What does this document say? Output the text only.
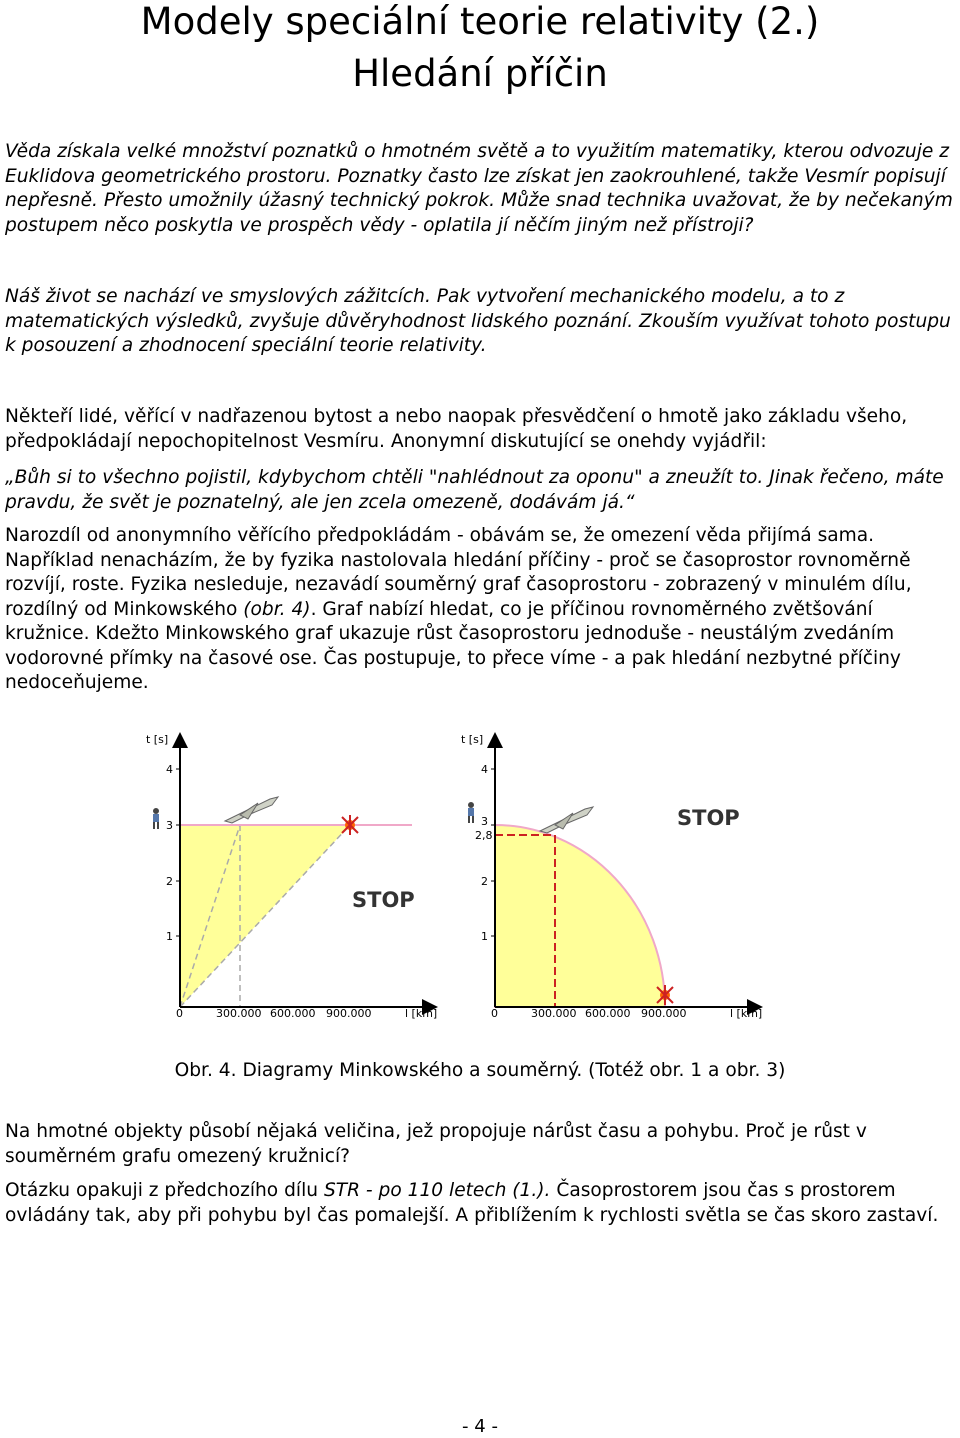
Modely speciální teorie relativity (2.)
Hledání příčin

Věda získala velké množství poznatků o hmotném světě a to využitím matematiky, kterou odvozuje z Euklidova geometrického prostoru. Poznatky často lze získat jen zaokrouhlené, takže Vesmír popisují nepřesně. Přesto umožnily úžasný technický pokrok. Může snad technika uvažovat, že by nečekaným postupem něco poskytla ve prospěch vědy - oplatila jí něčím jiným než přístroji?

Náš život se nachází ve smyslových zážitcích. Pak vytvoření mechanického modelu, a to z matematických výsledků, zvyšuje důvěryhodnost lidského poznání. Zkouším využívat tohoto postupu k posouzení a zhodnocení speciální teorie relativity.

Někteří lidé, věřící v nadřazenou bytost a nebo naopak přesvědčení o hmotě jako základu všeho, předpokládají nepochopitelnost Vesmíru. Anonymní diskutující se onehdy vyjádřil:

„Bůh si to všechno pojistil, kdybychom chtěli "nahlédnout za oponu" a zneužít to. Jinak řečeno, máte pravdu, že svět je poznatelný, ale jen zcela omezeně, dodávám já.“

Narozdíl od anonymního věřícího předpokládám - obávám se, že omezení věda přijímá sama. Například nenacházím, že by fyzika nastolovala hledání příčiny - proč se časoprostor rovnoměrně rozvíjí, roste. Fyzika nesleduje, nezavádí souměrný graf časoprostoru - zobrazený v minulém dílu, rozdílný od Minkowského (obr. 4). Graf nabízí hledat, co je příčinou rovnoměrného zvětšování kružnice. Kdežto Minkowského graf ukazuje růst časoprostoru jednoduše - neustálým zvedáním vodorovné přímky na časové ose. Čas postupuje, to přece víme - a pak hledání nezbytné příčiny nedoceňujeme.

t [s]
l [km]
1
2
3
4
0	300.000 600.000 900.000
STOP
t [s]
l [km]
1
2
2,8
3
4
0	300.000 600.000 900.000
STOP
Obr. 4. Diagramy Minkowského a souměrný. (Totéž obr. 1 a obr. 3)

Na hmotné objekty působí nějaká veličina, jež propojuje nárůst času a pohybu. Proč je růst v souměrném grafu omezený kružnicí?

Otázku opakuji z předchozího dílu STR - po 110 letech (1.). Časoprostorem jsou čas s prostorem ovládány tak, aby při pohybu byl čas pomalejší. A přiblížením k rychlosti světla se čas skoro zastaví.

- 4 -
